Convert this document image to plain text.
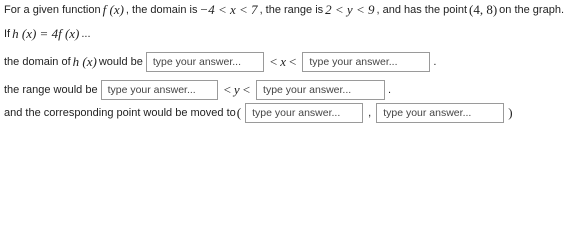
For a given function f (x) , the domain is −4 < x < 7 , the range is 2 < y < 9 , and has the point (4, 8) on the graph.
If h (x) = 4f (x) ...
the domain of h (x) would be type your answer...	< x <	type your answer...	.
the range would be type your answer...	< y <	type your answer...	.
and the corresponding point would be moved to (	type your answer...	,	type your answer...	)
